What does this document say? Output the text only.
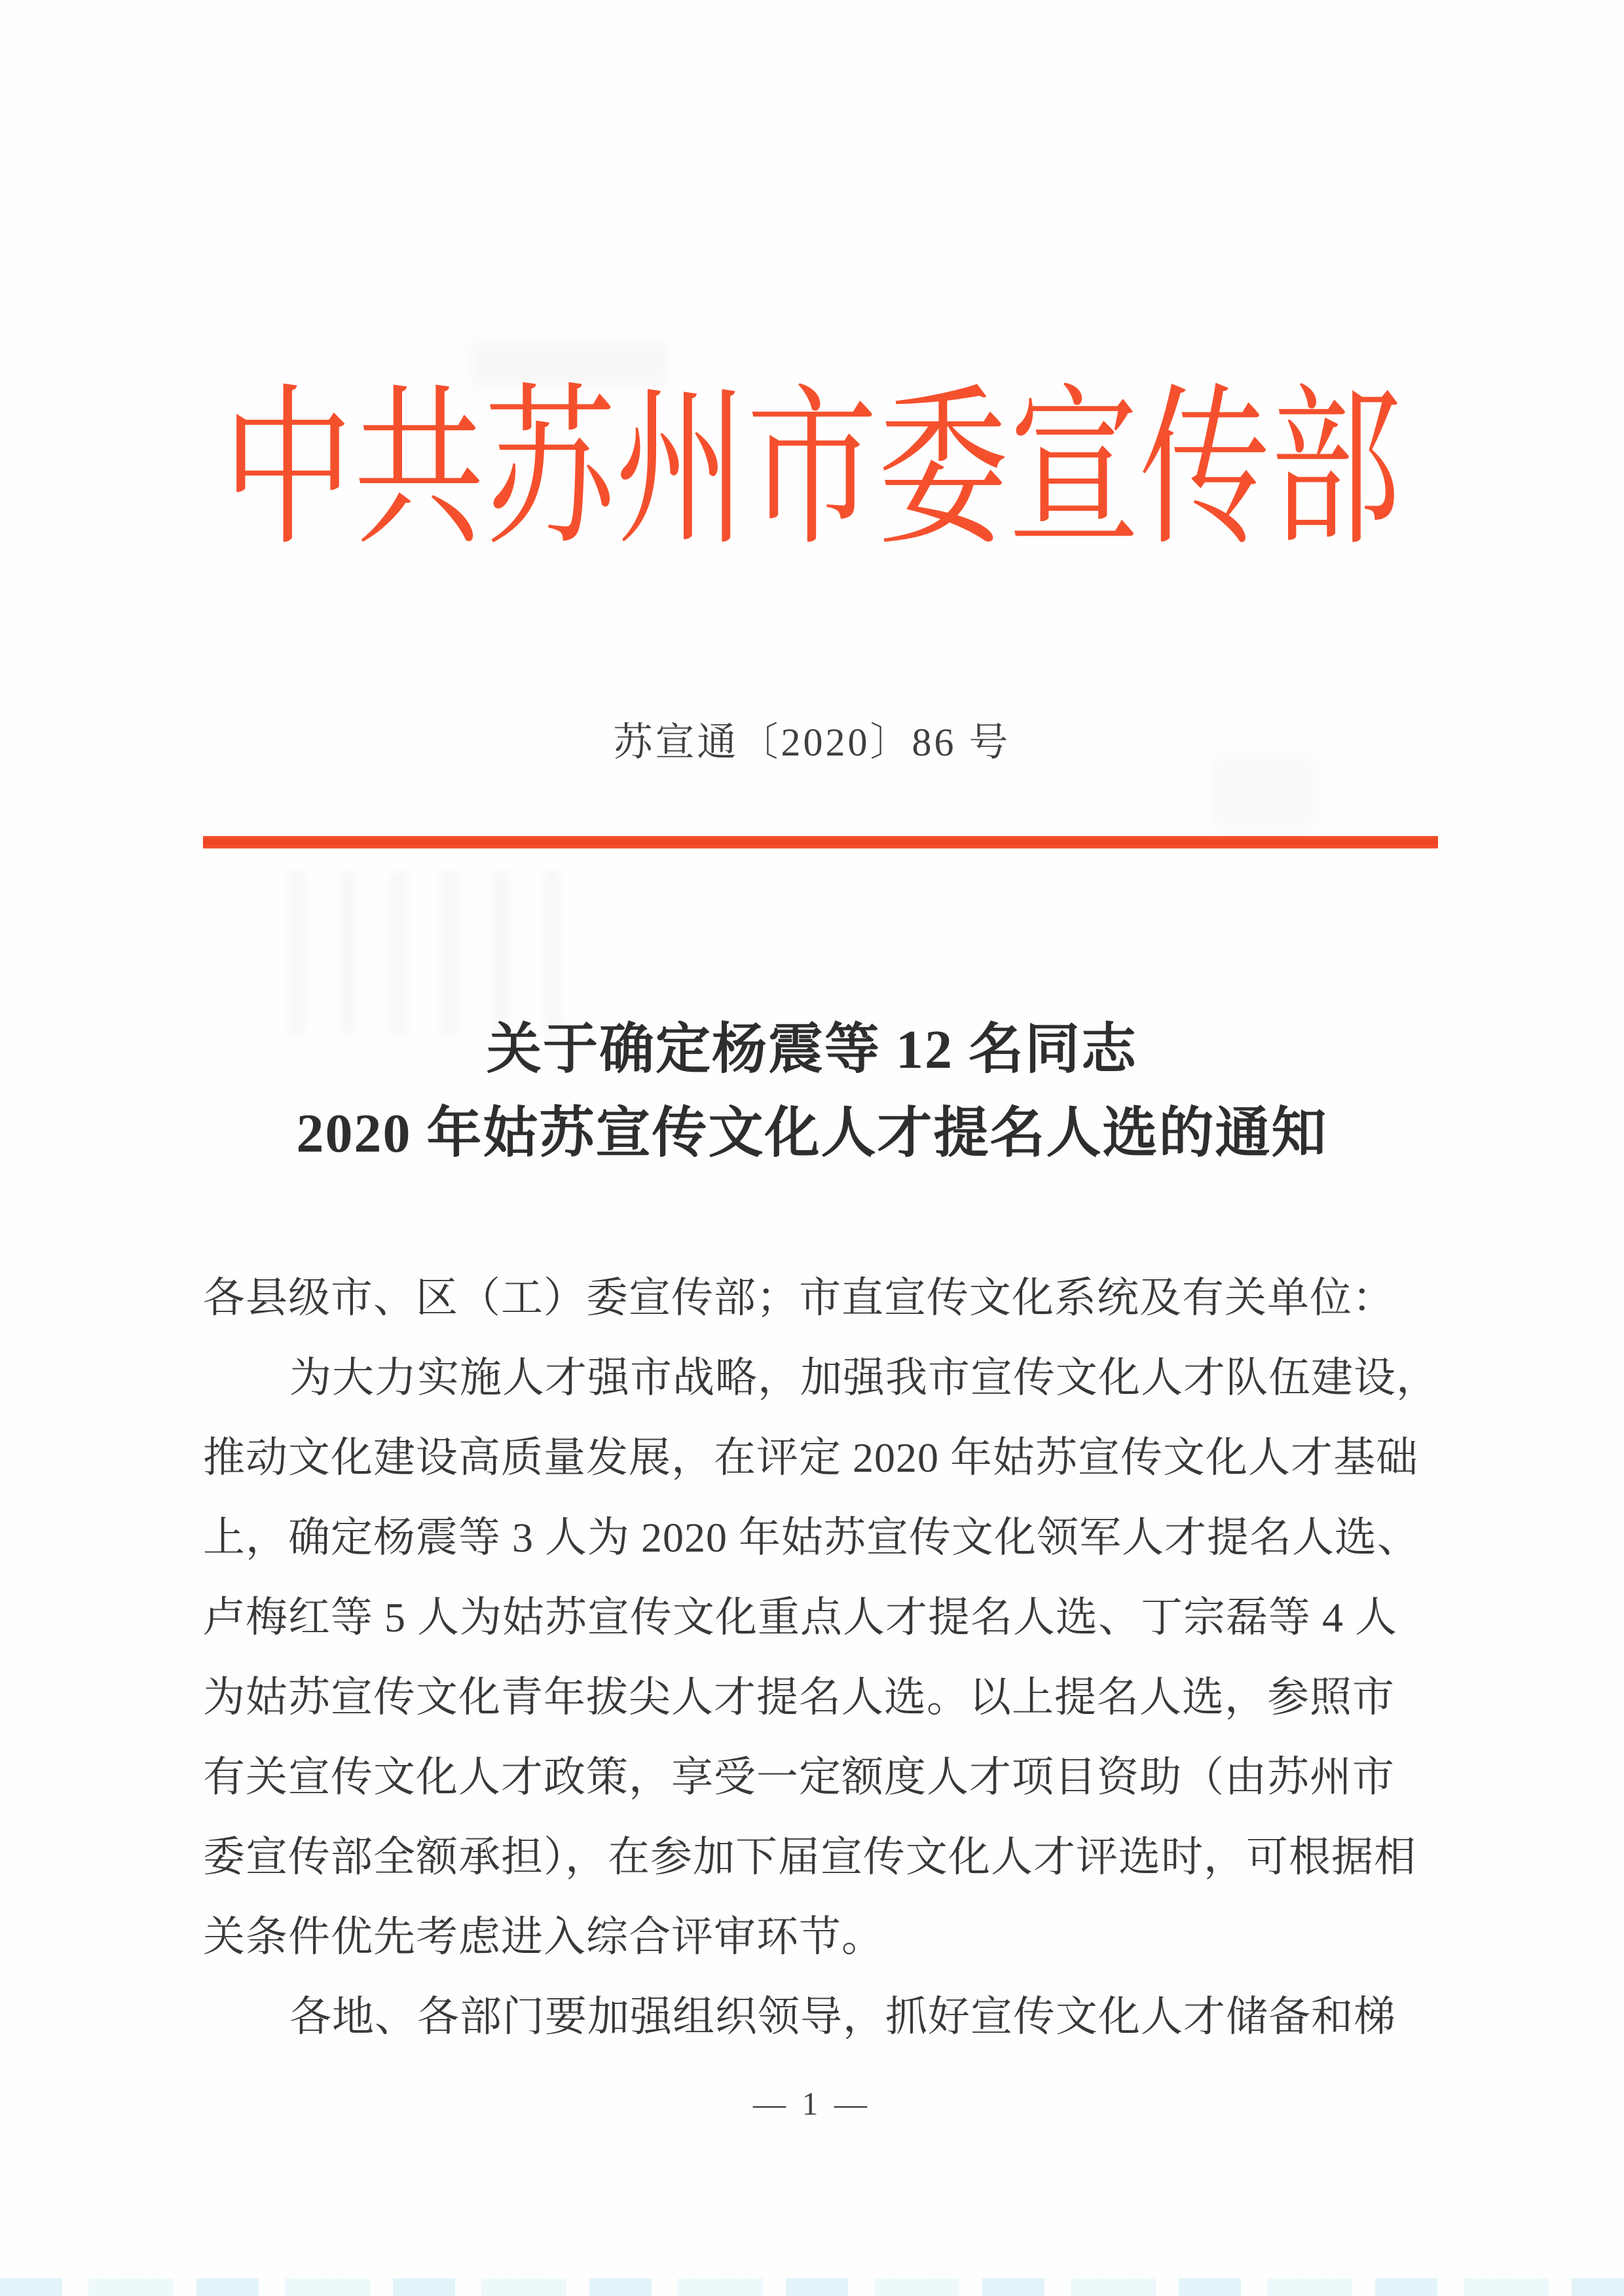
中共苏州市委宣传部
苏宣通〔2020〕86 号
关于确定杨震等 12 名同志
2020 年姑苏宣传文化人才提名人选的通知
各县级市、区（工）委宣传部；市直宣传文化系统及有关单位：
为大力实施人才强市战略，加强我市宣传文化人才队伍建设，
推动文化建设高质量发展，在评定 2020 年姑苏宣传文化人才基础
上，确定杨震等 3 人为 2020 年姑苏宣传文化领军人才提名人选、
卢梅红等 5 人为姑苏宣传文化重点人才提名人选、丁宗磊等 4 人
为姑苏宣传文化青年拔尖人才提名人选。以上提名人选，参照市
有关宣传文化人才政策，享受一定额度人才项目资助（由苏州市
委宣传部全额承担），在参加下届宣传文化人才评选时，可根据相
关条件优先考虑进入综合评审环节。
各地、各部门要加强组织领导，抓好宣传文化人才储备和梯
— 1 —
